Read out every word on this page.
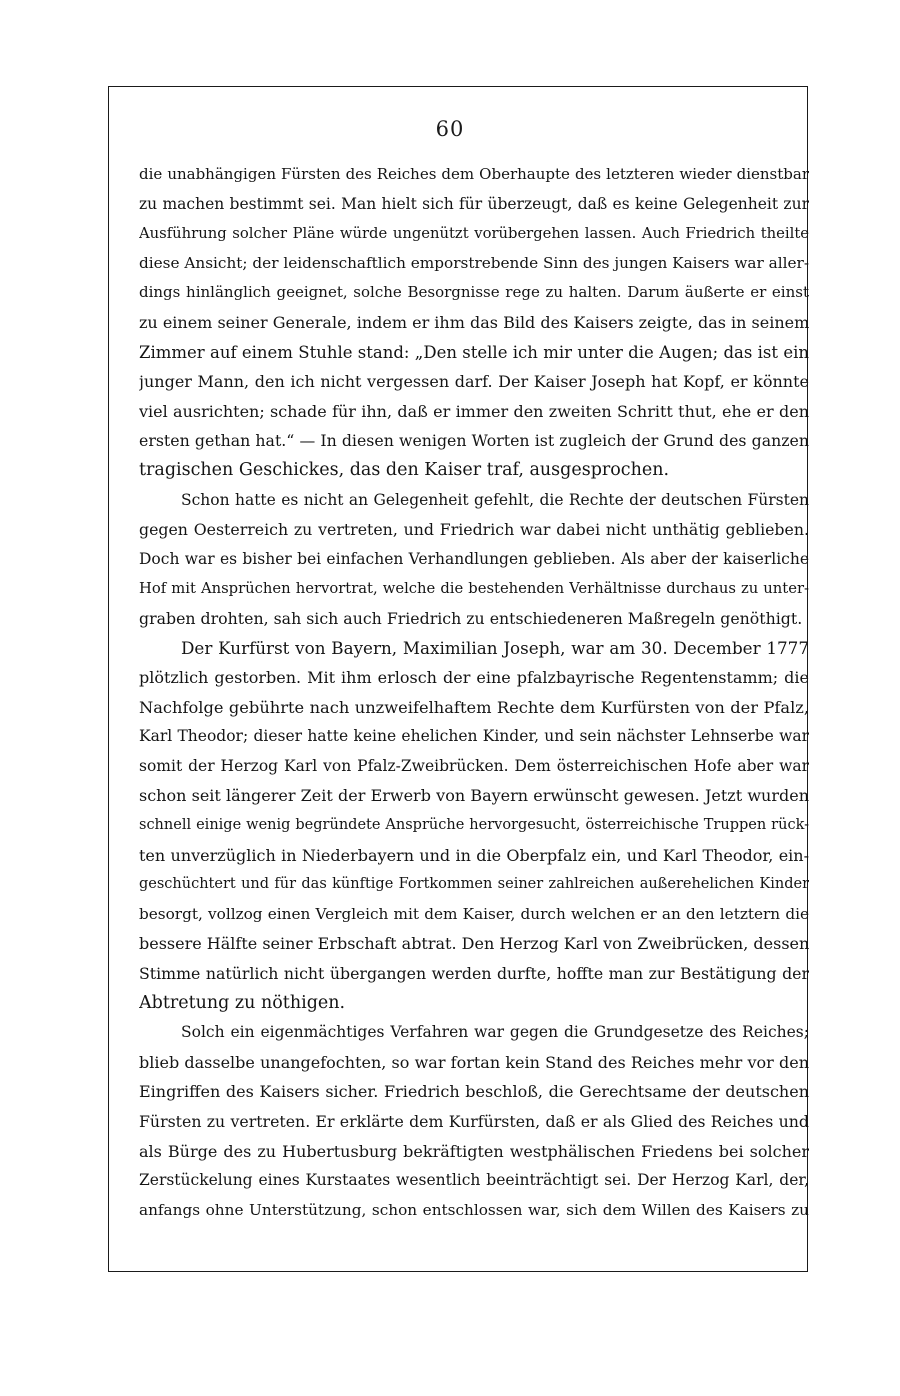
60
die unabhängigen Fürsten des Reiches dem Oberhaupte des letzteren wieder dienstbar
zu machen bestimmt sei. Man hielt sich für überzeugt, daß es keine Gelegenheit zur
Ausführung solcher Pläne würde ungenützt vorübergehen lassen. Auch Friedrich theilte
diese Ansicht; der leidenschaftlich emporstrebende Sinn des jungen Kaisers war aller-
dings hinlänglich geeignet, solche Besorgnisse rege zu halten. Darum äußerte er einst
zu einem seiner Generale, indem er ihm das Bild des Kaisers zeigte, das in seinem
Zimmer auf einem Stuhle stand: „Den stelle ich mir unter die Augen; das ist ein
junger Mann, den ich nicht vergessen darf. Der Kaiser Joseph hat Kopf, er könnte
viel ausrichten; schade für ihn, daß er immer den zweiten Schritt thut, ehe er den
ersten gethan hat.“ — In diesen wenigen Worten ist zugleich der Grund des ganzen
tragischen Geschickes, das den Kaiser traf, ausgesprochen.
Schon hatte es nicht an Gelegenheit gefehlt, die Rechte der deutschen Fürsten
gegen Oesterreich zu vertreten, und Friedrich war dabei nicht unthätig geblieben.
Doch war es bisher bei einfachen Verhandlungen geblieben. Als aber der kaiserliche
Hof mit Ansprüchen hervortrat, welche die bestehenden Verhältnisse durchaus zu unter-
graben drohten, sah sich auch Friedrich zu entschiedeneren Maßregeln genöthigt.
Der Kurfürst von Bayern, Maximilian Joseph, war am 30. December 1777
plötzlich gestorben. Mit ihm erlosch der eine pfalzbayrische Regentenstamm; die
Nachfolge gebührte nach unzweifelhaftem Rechte dem Kurfürsten von der Pfalz,
Karl Theodor; dieser hatte keine ehelichen Kinder, und sein nächster Lehnserbe war
somit der Herzog Karl von Pfalz-Zweibrücken. Dem österreichischen Hofe aber war
schon seit längerer Zeit der Erwerb von Bayern erwünscht gewesen. Jetzt wurden
schnell einige wenig begründete Ansprüche hervorgesucht, österreichische Truppen rück-
ten unverzüglich in Niederbayern und in die Oberpfalz ein, und Karl Theodor, ein-
geschüchtert und für das künftige Fortkommen seiner zahlreichen außerehelichen Kinder
besorgt, vollzog einen Vergleich mit dem Kaiser, durch welchen er an den letztern die
bessere Hälfte seiner Erbschaft abtrat. Den Herzog Karl von Zweibrücken, dessen
Stimme natürlich nicht übergangen werden durfte, hoffte man zur Bestätigung der
Abtretung zu nöthigen.
Solch ein eigenmächtiges Verfahren war gegen die Grundgesetze des Reiches;
blieb dasselbe unangefochten, so war fortan kein Stand des Reiches mehr vor den
Eingriffen des Kaisers sicher. Friedrich beschloß, die Gerechtsame der deutschen
Fürsten zu vertreten. Er erklärte dem Kurfürsten, daß er als Glied des Reiches und
als Bürge des zu Hubertusburg bekräftigten westphälischen Friedens bei solcher
Zerstückelung eines Kurstaates wesentlich beeinträchtigt sei. Der Herzog Karl, der,
anfangs ohne Unterstützung, schon entschlossen war, sich dem Willen des Kaisers zu
